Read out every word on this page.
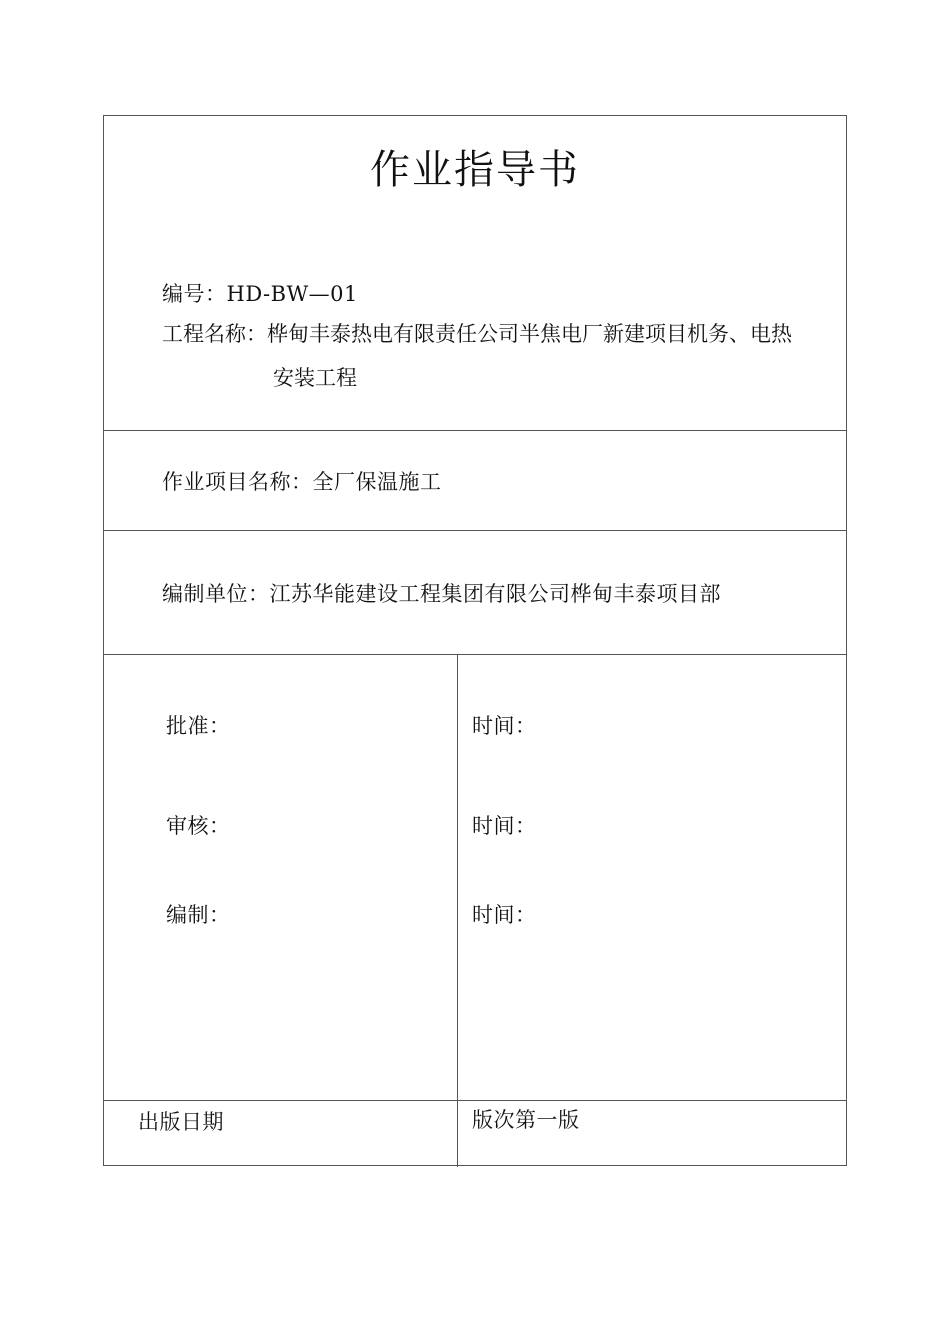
作业指导书
编号：HD-BW—01
工程名称：桦甸丰泰热电有限责任公司半焦电厂新建项目机务、电热
安装工程
作业项目名称：全厂保温施工
编制单位：江苏华能建设工程集团有限公司桦甸丰泰项目部
批准：	时间：
审核：	时间：
编制：	时间：
出版日期	版次第一版
